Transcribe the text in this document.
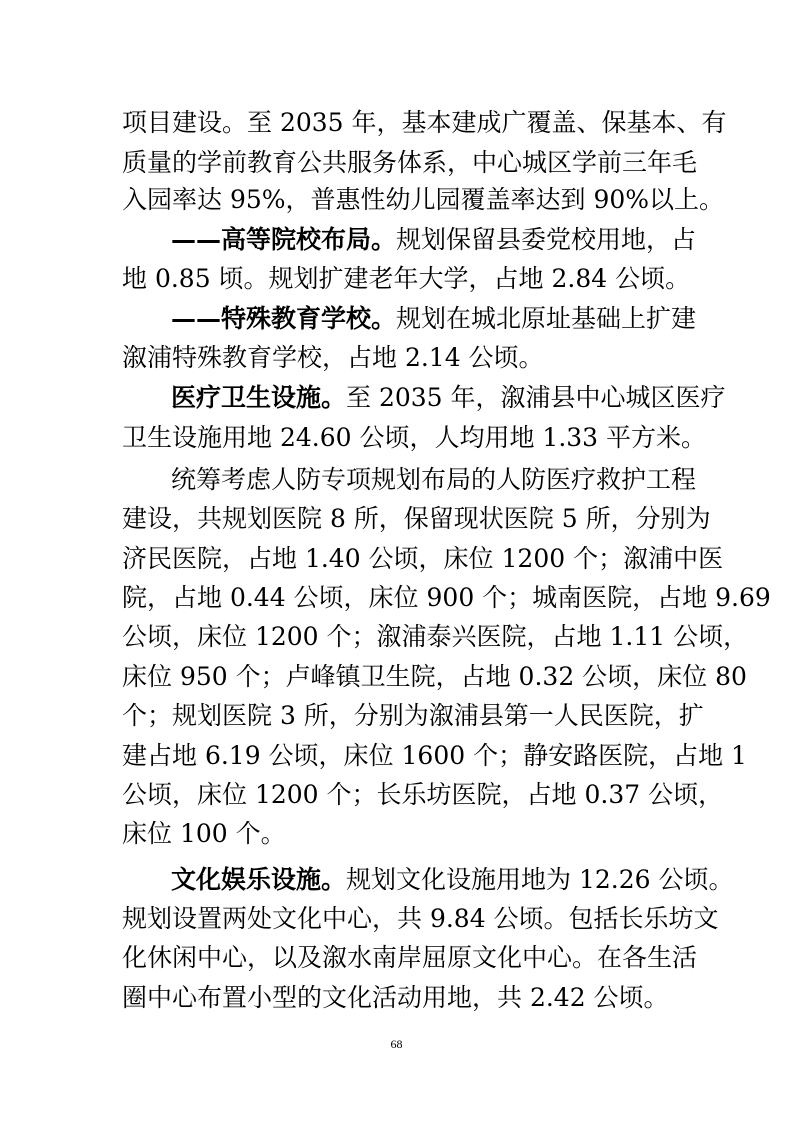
项目建设。至 2035 年，基本建成广覆盖、保基本、有
质量的学前教育公共服务体系，中心城区学前三年毛
入园率达 95%，普惠性幼儿园覆盖率达到 90%以上。
——高等院校布局。规划保留县委党校用地，占
地 0.85 顷。规划扩建老年大学，占地 2.84 公顷。
——特殊教育学校。规划在城北原址基础上扩建
溆浦特殊教育学校，占地 2.14 公顷。
医疗卫生设施。至 2035 年，溆浦县中心城区医疗
卫生设施用地 24.60 公顷，人均用地 1.33 平方米。
统筹考虑人防专项规划布局的人防医疗救护工程
建设，共规划医院 8 所，保留现状医院 5 所，分别为
济民医院，占地 1.40 公顷，床位 1200 个；溆浦中医
院，占地 0.44 公顷，床位 900 个；城南医院，占地 9.69
公顷，床位 1200 个；溆浦泰兴医院，占地 1.11 公顷，
床位 950 个；卢峰镇卫生院，占地 0.32 公顷，床位 80
个；规划医院 3 所，分别为溆浦县第一人民医院，扩
建占地 6.19 公顷，床位 1600 个；静安路医院，占地 1
公顷，床位 1200 个；长乐坊医院，占地 0.37 公顷，
床位 100 个。
文化娱乐设施。规划文化设施用地为 12.26 公顷。
规划设置两处文化中心，共 9.84 公顷。包括长乐坊文
化休闲中心，以及溆水南岸屈原文化中心。在各生活
圈中心布置小型的文化活动用地，共 2.42 公顷。
68
